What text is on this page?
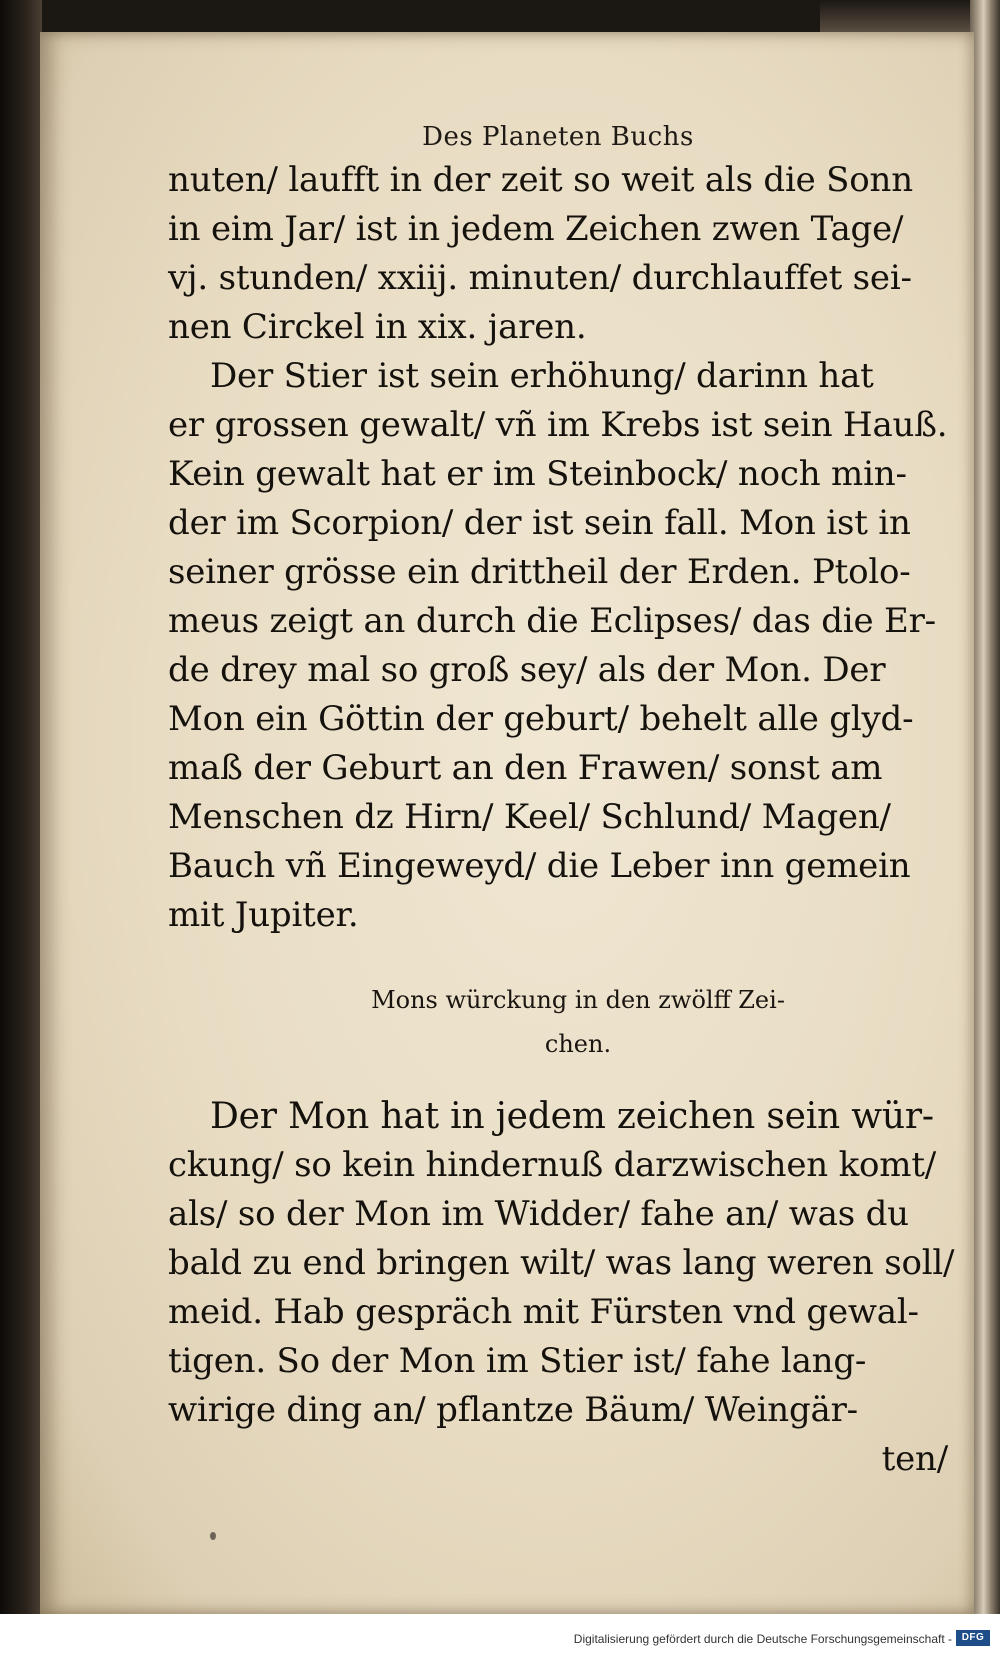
Des Planeten Buchs
nuten/ laufft in der zeit so weit als die Sonn
in eim Jar/ ist in jedem Zeichen zwen Tage/
vj. stunden/ xxiij. minuten/ durchlauffet sei-
nen Circkel in xix. jaren.
Der Stier ist sein erhöhung/ darinn hat
er grossen gewalt/ vñ im Krebs ist sein Hauß.
Kein gewalt hat er im Steinbock/ noch min-
der im Scorpion/ der ist sein fall. Mon ist in
seiner grösse ein drittheil der Erden. Ptolo-
meus zeigt an durch die Eclipses/ das die Er-
de drey mal so groß sey/ als der Mon. Der
Mon ein Göttin der geburt/ behelt alle glyd-
maß der Geburt an den Frawen/ sonst am
Menschen dz Hirn/ Keel/ Schlund/ Magen/
Bauch vñ Eingeweyd/ die Leber inn gemein
mit Jupiter.
Mons würckung in den zwölff Zei-
chen.
Der Mon hat in jedem zeichen sein wür-
ckung/ so kein hindernuß darzwischen komt/
als/ so der Mon im Widder/ fahe an/ was du
bald zu end bringen wilt/ was lang weren soll/
meid. Hab gespräch mit Fürsten vnd gewal-
tigen. So der Mon im Stier ist/ fahe lang-
wirige ding an/ pflantze Bäum/ Weingär-
ten/
Digitalisierung gefördert durch die Deutsche Forschungsgemeinschaft - DFG
